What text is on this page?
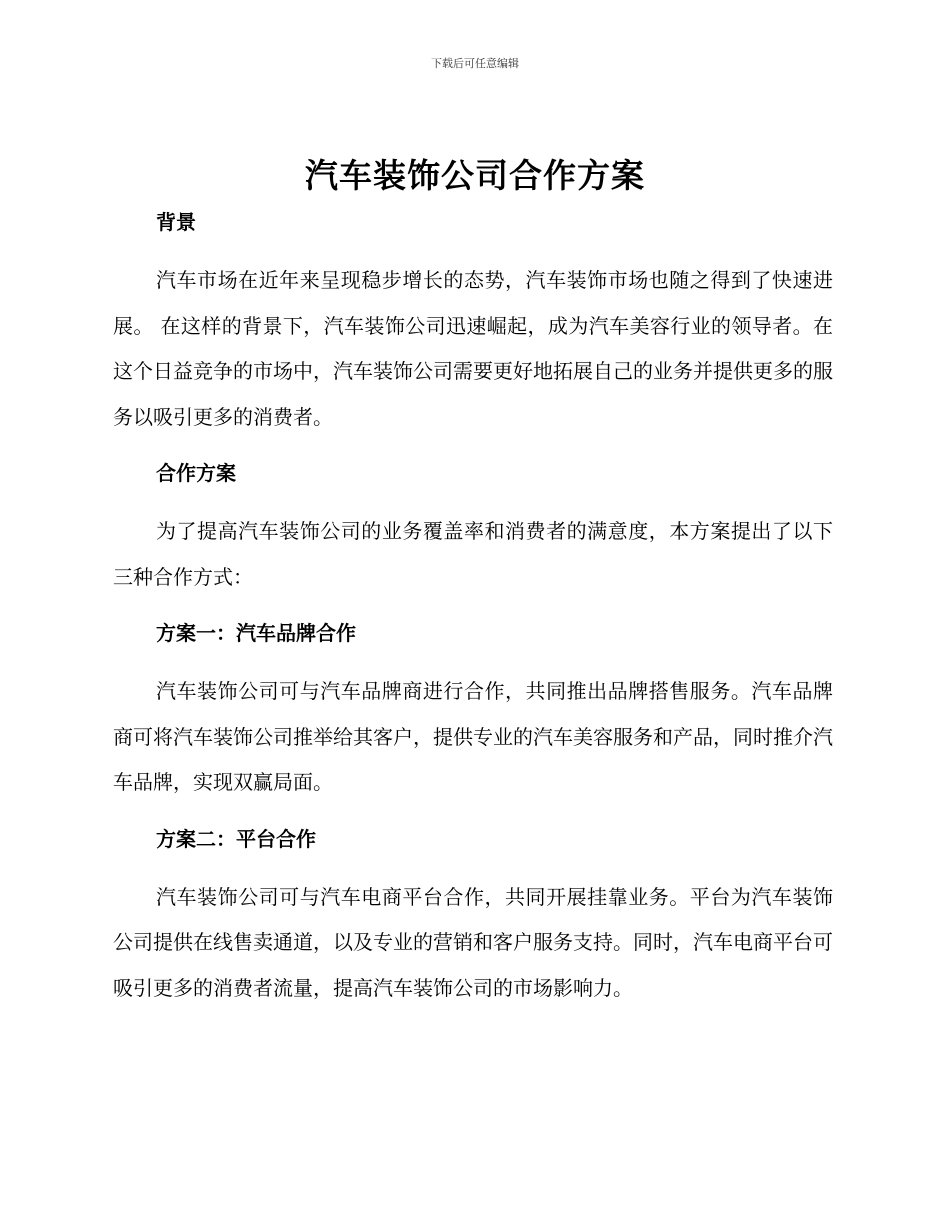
下载后可任意编辑
汽车装饰公司合作方案
背景

汽车市场在近年来呈现稳步增长的态势，汽车装饰市场也随之得到了快速进展。 在这样的背景下，汽车装饰公司迅速崛起，成为汽车美容行业的领导者。在这个日益竞争的市场中，汽车装饰公司需要更好地拓展自己的业务并提供更多的服务以吸引更多的消费者。

合作方案

为了提高汽车装饰公司的业务覆盖率和消费者的满意度，本方案提出了以下三种合作方式：

方案一：汽车品牌合作

汽车装饰公司可与汽车品牌商进行合作，共同推出品牌搭售服务。汽车品牌商可将汽车装饰公司推举给其客户，提供专业的汽车美容服务和产品，同时推介汽车品牌，实现双赢局面。

方案二：平台合作

汽车装饰公司可与汽车电商平台合作，共同开展挂靠业务。平台为汽车装饰公司提供在线售卖通道，以及专业的营销和客户服务支持。同时，汽车电商平台可吸引更多的消费者流量，提高汽车装饰公司的市场影响力。
